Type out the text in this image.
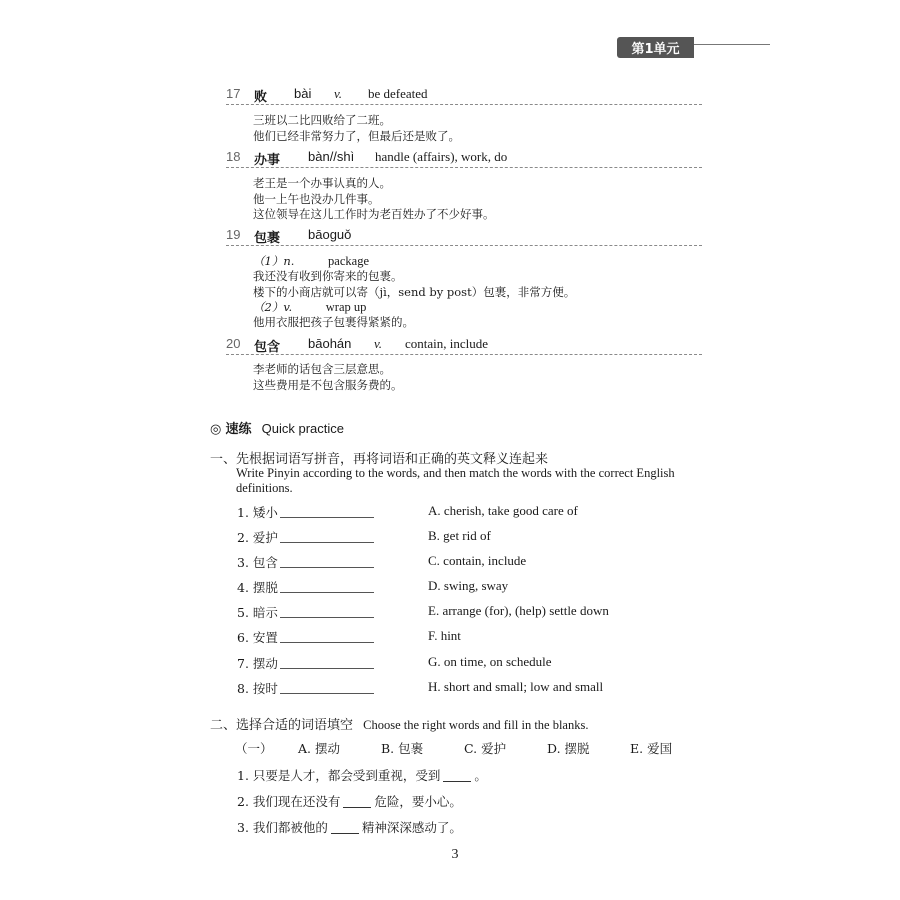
第1单元
17 败 bài v. be defeated
三班以二比四败给了二班。
他们已经非常努力了，但最后还是败了。
18 办事 bàn//shì handle (affairs), work, do
老王是一个办事认真的人。
他一上午也没办几件事。
这位领导在这儿工作时为老百姓办了不少好事。
19 包裹 bāoguǒ
（1）n.	package
我还没有收到你寄来的包裹。
楼下的小商店就可以寄（jì，send by post）包裹，非常方便。
（2）v.	wrap up
他用衣服把孩子包裹得紧紧的。
20 包含 bāohán v. contain, include
李老师的话包含三层意思。
这些费用是不包含服务费的。
◎ 速练 Quick practice
一、先根据词语写拼音，再将词语和正确的英文释义连起来
Write Pinyin according to the words, and then match the words with the correct English
definitions.
1. 矮小	A. cherish, take good care of
2. 爱护	B. get rid of
3. 包含	C. contain, include
4. 摆脱	D. swing, sway
5. 暗示	E. arrange (for), (help) settle down
6. 安置	F. hint
7. 摆动	G. on time, on schedule
8. 按时	H. short and small; low and small
二、选择合适的词语填空 Choose the right words and fill in the blanks.
（一） A. 摆动	B. 包裹	C. 爱护	D. 摆脱	E. 爱国
1. 只要是人才，都会受到重视，受到	。
2. 我们现在还没有	危险，要小心。
3. 我们都被他的	精神深深感动了。
3
